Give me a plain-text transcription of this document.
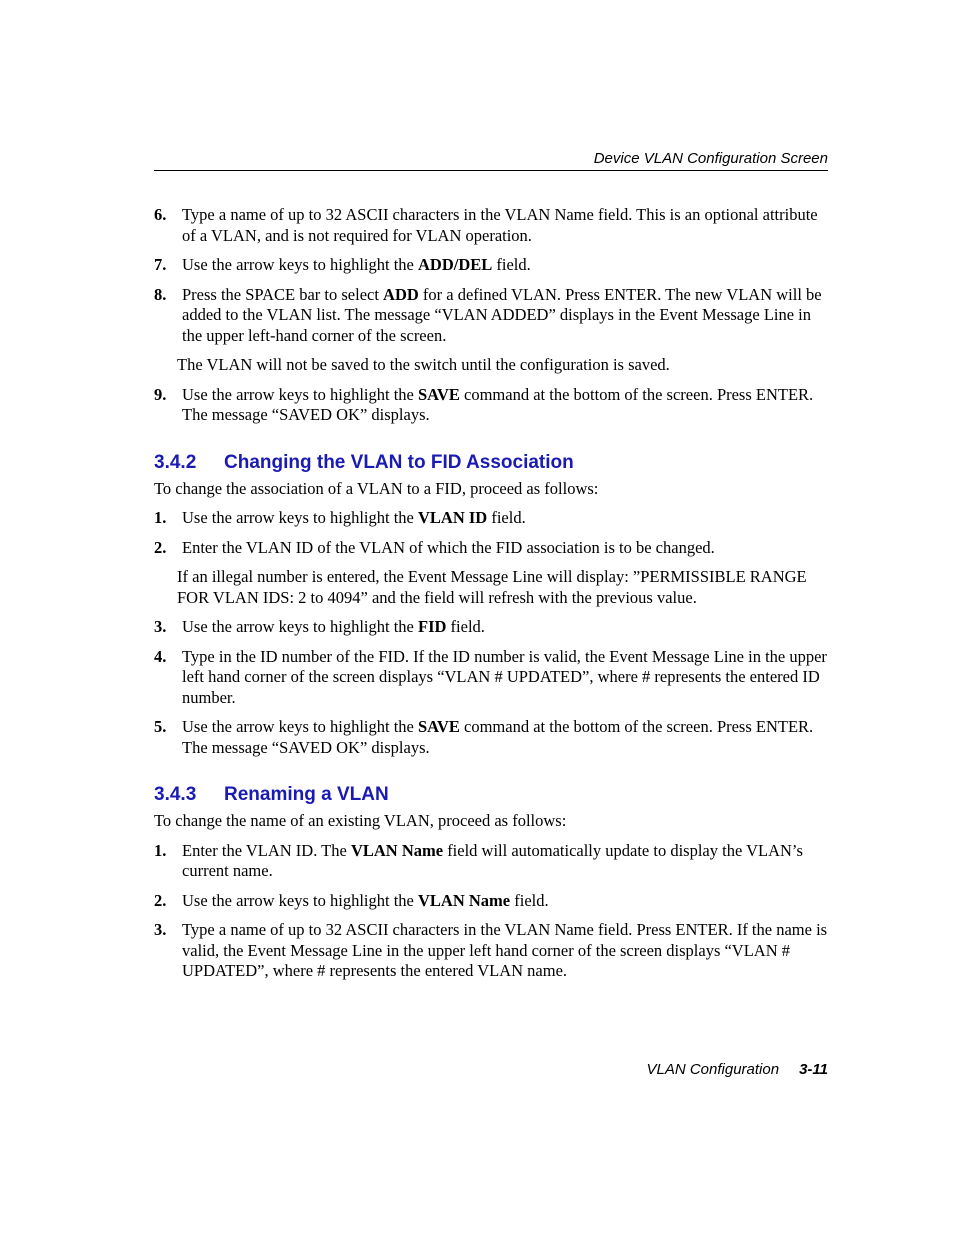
Device VLAN Configuration Screen
6. Type a name of up to 32 ASCII characters in the VLAN Name field. This is an optional attribute of a VLAN, and is not required for VLAN operation.
7. Use the arrow keys to highlight the ADD/DEL field.
8. Press the SPACE bar to select ADD for a defined VLAN. Press ENTER. The new VLAN will be added to the VLAN list. The message “VLAN ADDED” displays in the Event Message Line in the upper left-hand corner of the screen.
The VLAN will not be saved to the switch until the configuration is saved.
9. Use the arrow keys to highlight the SAVE command at the bottom of the screen. Press ENTER. The message “SAVED OK” displays.
3.4.2 Changing the VLAN to FID Association
To change the association of a VLAN to a FID, proceed as follows:
1. Use the arrow keys to highlight the VLAN ID field.
2. Enter the VLAN ID of the VLAN of which the FID association is to be changed.
If an illegal number is entered, the Event Message Line will display: ”PERMISSIBLE RANGE FOR VLAN IDS: 2 to 4094” and the field will refresh with the previous value.
3. Use the arrow keys to highlight the FID field.
4. Type in the ID number of the FID. If the ID number is valid, the Event Message Line in the upper left hand corner of the screen displays “VLAN # UPDATED”, where # represents the entered ID number.
5. Use the arrow keys to highlight the SAVE command at the bottom of the screen. Press ENTER. The message “SAVED OK” displays.
3.4.3 Renaming a VLAN
To change the name of an existing VLAN, proceed as follows:
1. Enter the VLAN ID. The VLAN Name field will automatically update to display the VLAN’s current name.
2. Use the arrow keys to highlight the VLAN Name field.
3. Type a name of up to 32 ASCII characters in the VLAN Name field. Press ENTER. If the name is valid, the Event Message Line in the upper left hand corner of the screen displays “VLAN # UPDATED”, where # represents the entered VLAN name.
VLAN Configuration 3-11
